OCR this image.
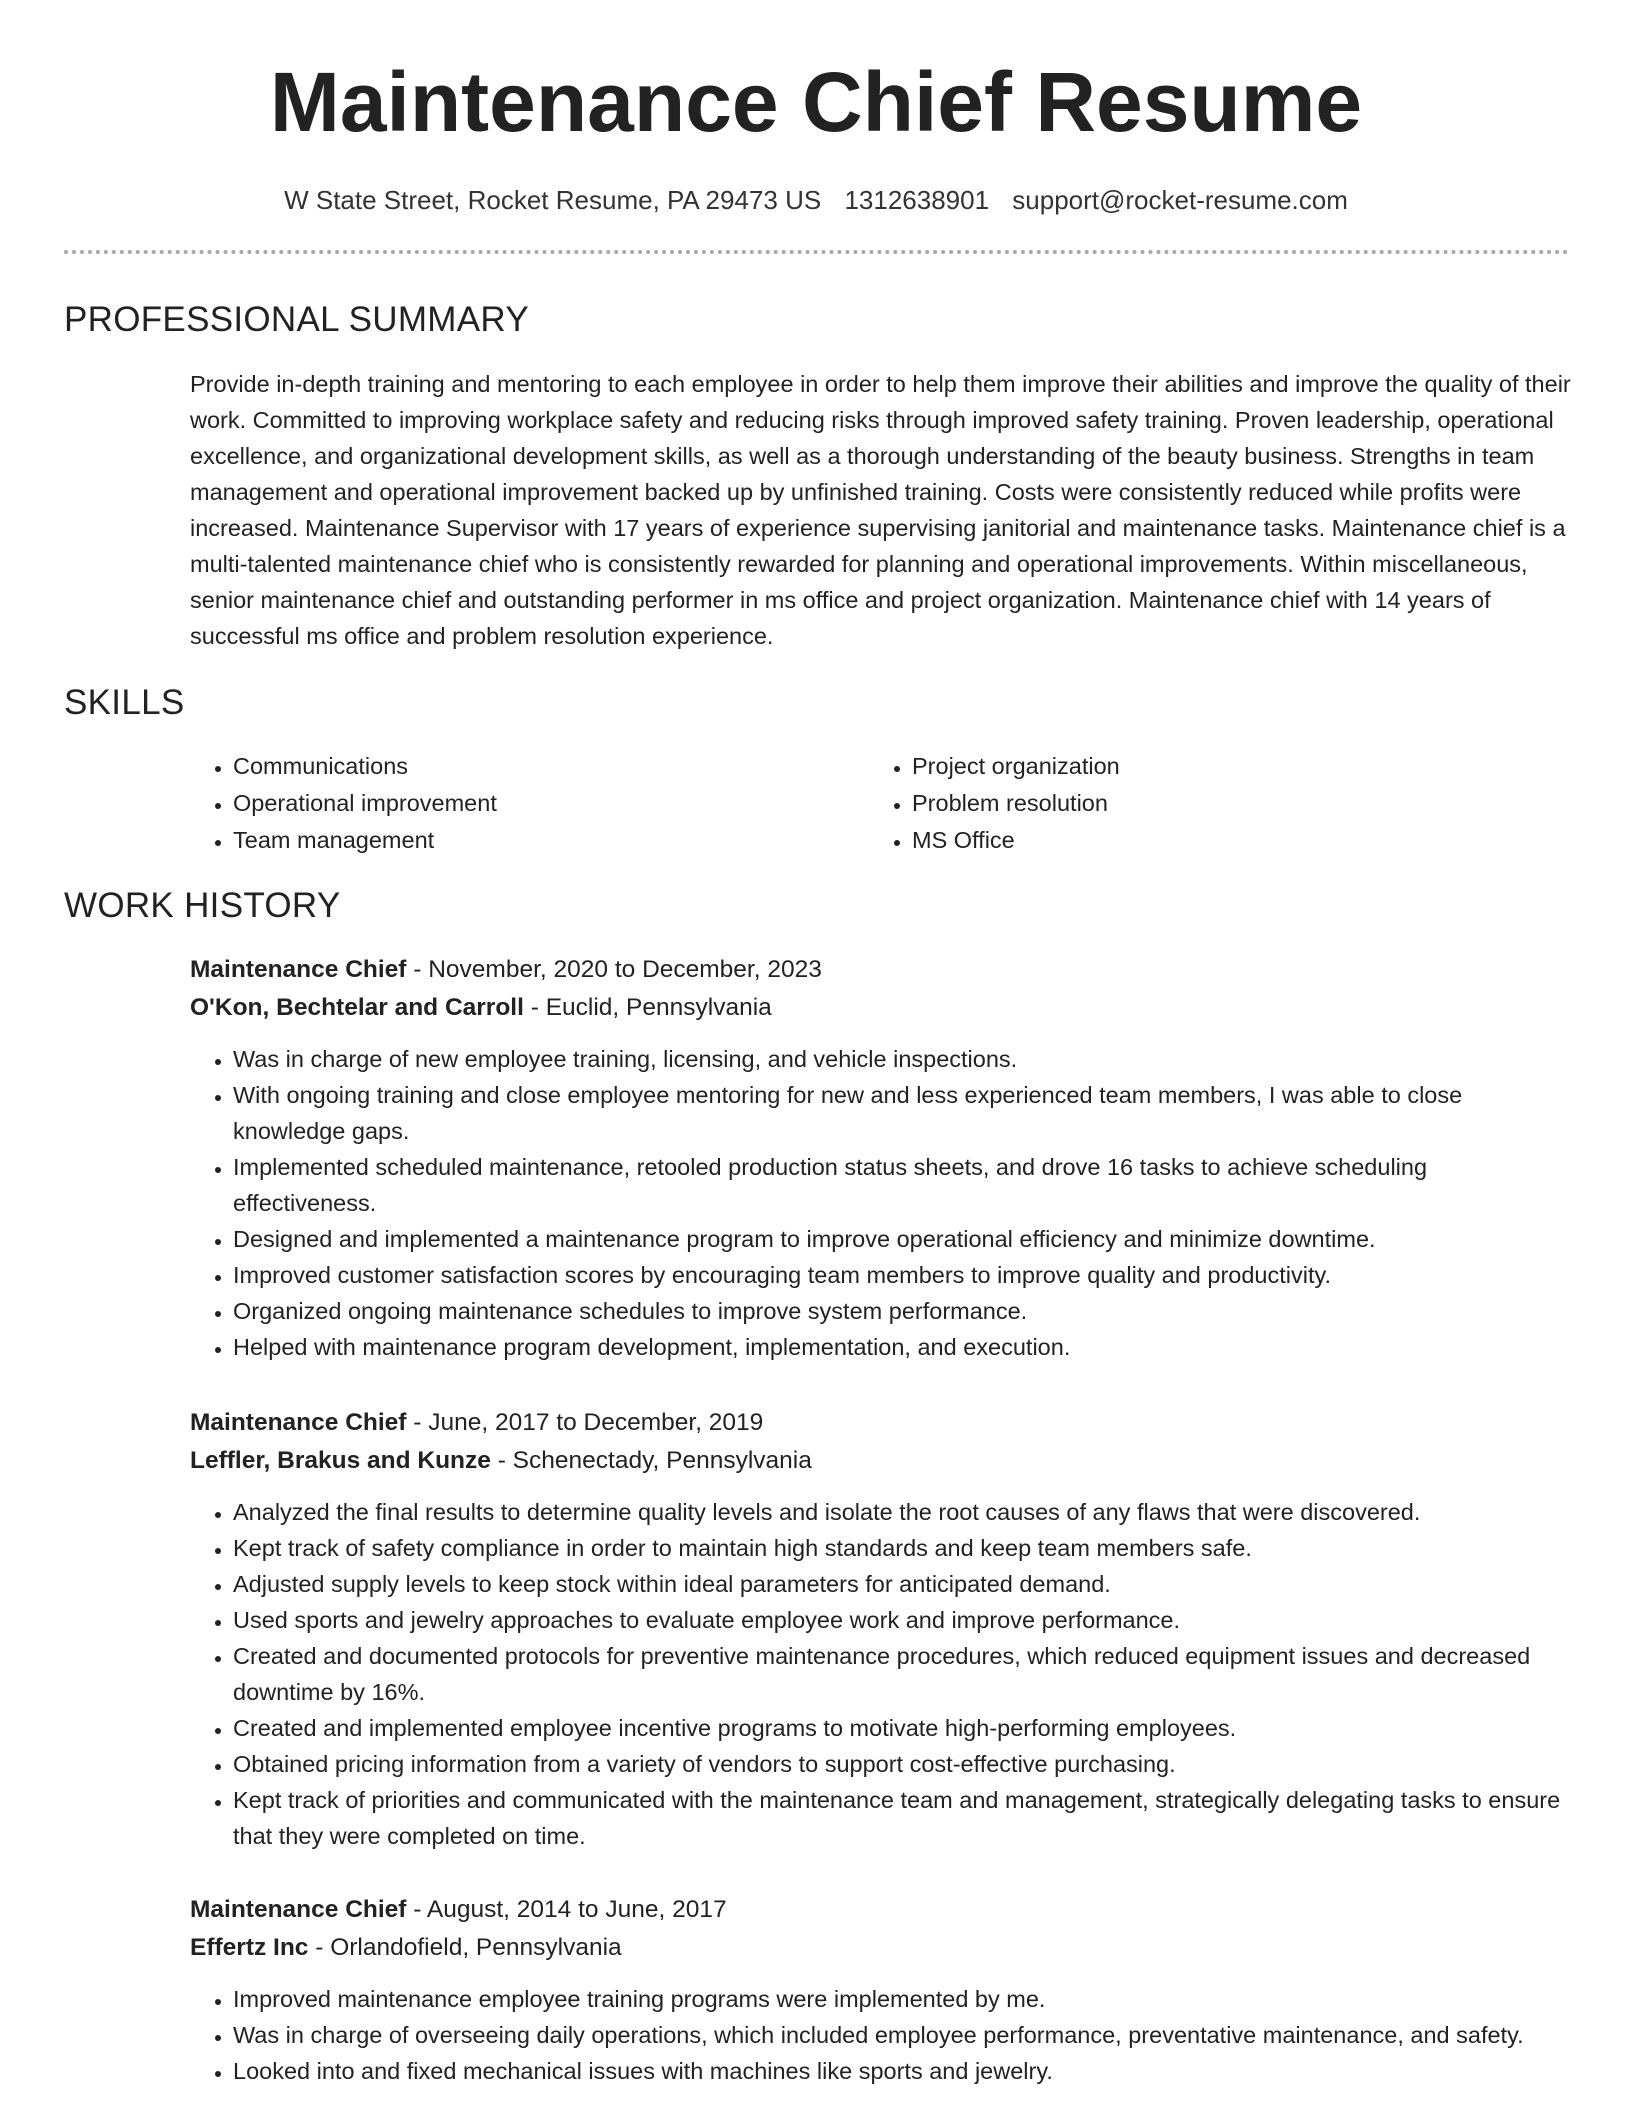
Maintenance Chief Resume
W State Street, Rocket Resume, PA 29473 US 1312638901 support@rocket-resume.com
PROFESSIONAL SUMMARY

Provide in-depth training and mentoring to each employee in order to help them improve their abilities and improve the quality of their work. Committed to improving workplace safety and reducing risks through improved safety training. Proven leadership, operational excellence, and organizational development skills, as well as a thorough understanding of the beauty business. Strengths in team management and operational improvement backed up by unfinished training. Costs were consistently reduced while profits were increased. Maintenance Supervisor with 17 years of experience supervising janitorial and maintenance tasks. Maintenance chief is a multi-talented maintenance chief who is consistently rewarded for planning and operational improvements. Within miscellaneous, senior maintenance chief and outstanding performer in ms office and project organization. Maintenance chief with 14 years of successful ms office and problem resolution experience.

SKILLS
• Communications
• Operational improvement
• Team management
• Project organization
• Problem resolution
• MS Office
WORK HISTORY
Maintenance Chief - November, 2020 to December, 2023
O'Kon, Bechtelar and Carroll - Euclid, Pennsylvania
• Was in charge of new employee training, licensing, and vehicle inspections.
• With ongoing training and close employee mentoring for new and less experienced team members, I was able to close knowledge gaps.
• Implemented scheduled maintenance, retooled production status sheets, and drove 16 tasks to achieve scheduling effectiveness.
• Designed and implemented a maintenance program to improve operational efficiency and minimize downtime.
• Improved customer satisfaction scores by encouraging team members to improve quality and productivity.
• Organized ongoing maintenance schedules to improve system performance.
• Helped with maintenance program development, implementation, and execution.
Maintenance Chief - June, 2017 to December, 2019
Leffler, Brakus and Kunze - Schenectady, Pennsylvania
• Analyzed the final results to determine quality levels and isolate the root causes of any flaws that were discovered.
• Kept track of safety compliance in order to maintain high standards and keep team members safe.
• Adjusted supply levels to keep stock within ideal parameters for anticipated demand.
• Used sports and jewelry approaches to evaluate employee work and improve performance.
• Created and documented protocols for preventive maintenance procedures, which reduced equipment issues and decreased downtime by 16%.
• Created and implemented employee incentive programs to motivate high-performing employees.
• Obtained pricing information from a variety of vendors to support cost-effective purchasing.
• Kept track of priorities and communicated with the maintenance team and management, strategically delegating tasks to ensure that they were completed on time.
Maintenance Chief - August, 2014 to June, 2017
Effertz Inc - Orlandofield, Pennsylvania
• Improved maintenance employee training programs were implemented by me.
• Was in charge of overseeing daily operations, which included employee performance, preventative maintenance, and safety.
• Looked into and fixed mechanical issues with machines like sports and jewelry.
